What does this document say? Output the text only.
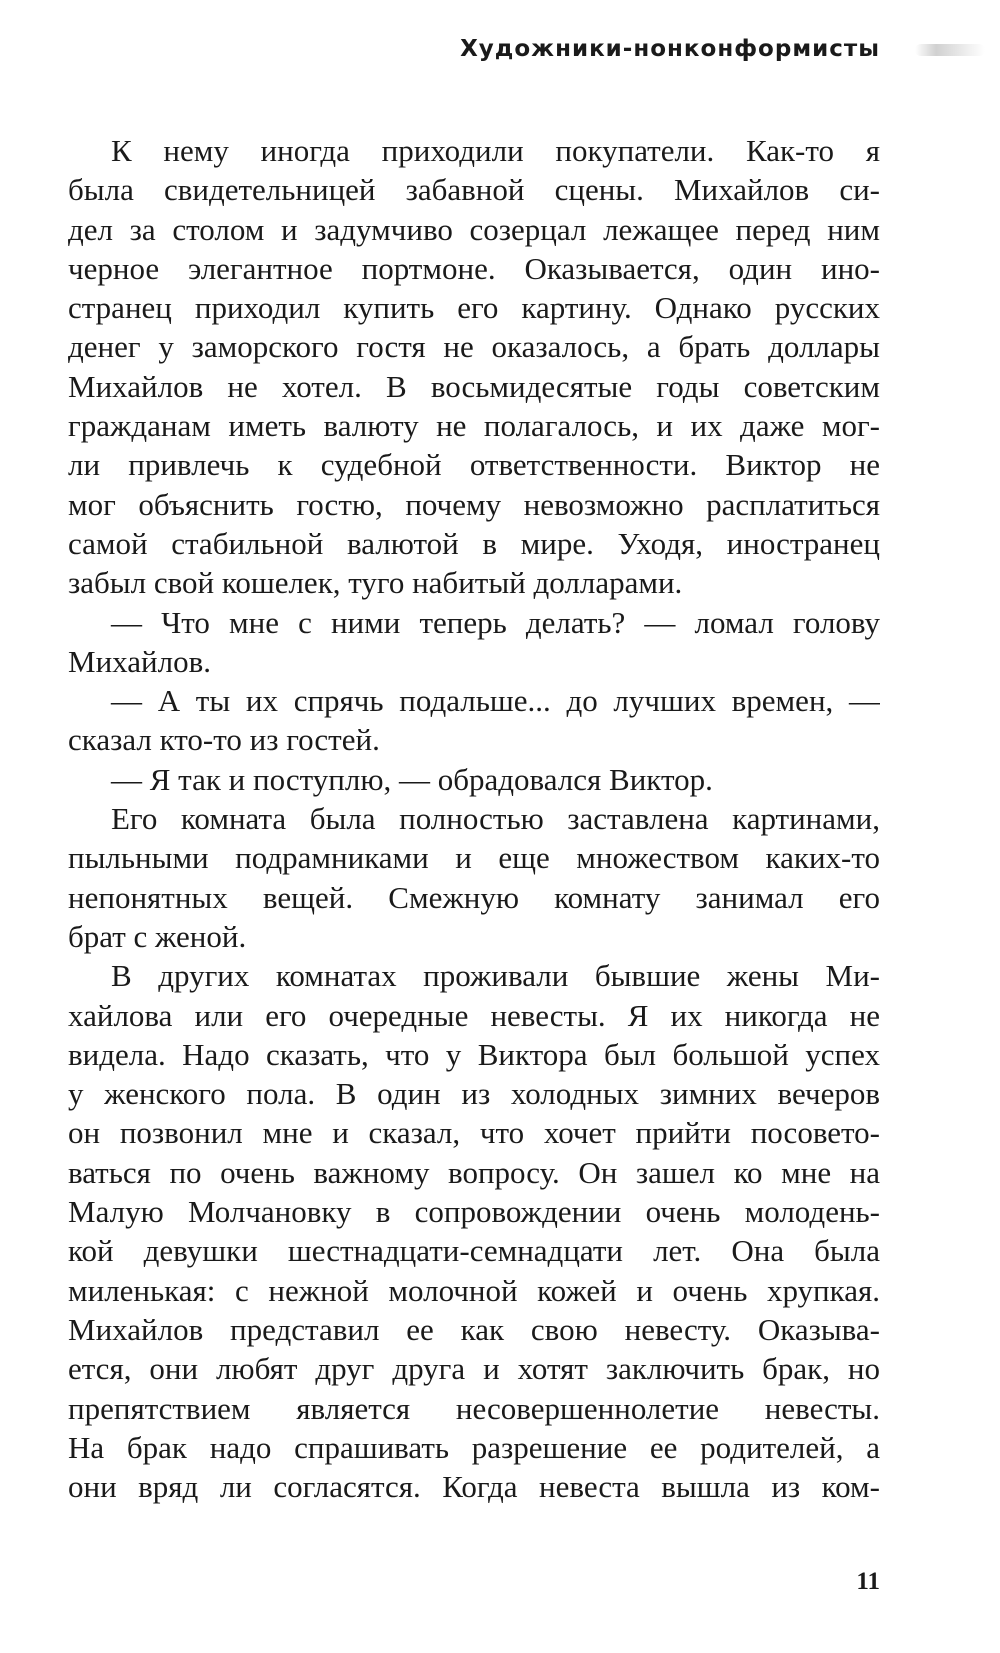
Художники-нонконформисты
К нему иногда приходили покупатели. Как-то я
была свидетельницей забавной сцены. Михайлов си-
дел за столом и задумчиво созерцал лежащее перед ним
черное элегантное портмоне. Оказывается, один ино-
странец приходил купить его картину. Однако русских
денег у заморского гостя не оказалось, а брать доллары
Михайлов не хотел. В восьмидесятые годы советским
гражданам иметь валюту не полагалось, и их даже мог-
ли привлечь к судебной ответственности. Виктор не
мог объяснить гостю, почему невозможно расплатиться
самой стабильной валютой в мире. Уходя, иностранец
забыл свой кошелек, туго набитый долларами.
— Что мне с ними теперь делать? — ломал голову
Михайлов.
— А ты их спрячь подальше... до лучших времен, —
сказал кто-то из гостей.
— Я так и поступлю, — обрадовался Виктор.
Его комната была полностью заставлена картинами,
пыльными подрамниками и еще множеством каких-то
непонятных вещей. Смежную комнату занимал его
брат с женой.
В других комнатах проживали бывшие жены Ми-
хайлова или его очередные невесты. Я их никогда не
видела. Надо сказать, что у Виктора был большой успех
у женского пола. В один из холодных зимних вечеров
он позвонил мне и сказал, что хочет прийти посовето-
ваться по очень важному вопросу. Он зашел ко мне на
Малую Молчановку в сопровождении очень молодень-
кой девушки шестнадцати-семнадцати лет. Она была
миленькая: с нежной молочной кожей и очень хрупкая.
Михайлов представил ее как свою невесту. Оказыва-
ется, они любят друг друга и хотят заключить брак, но
препятствием является несовершеннолетие невесты.
На брак надо спрашивать разрешение ее родителей, а
они вряд ли согласятся. Когда невеста вышла из ком-
11
